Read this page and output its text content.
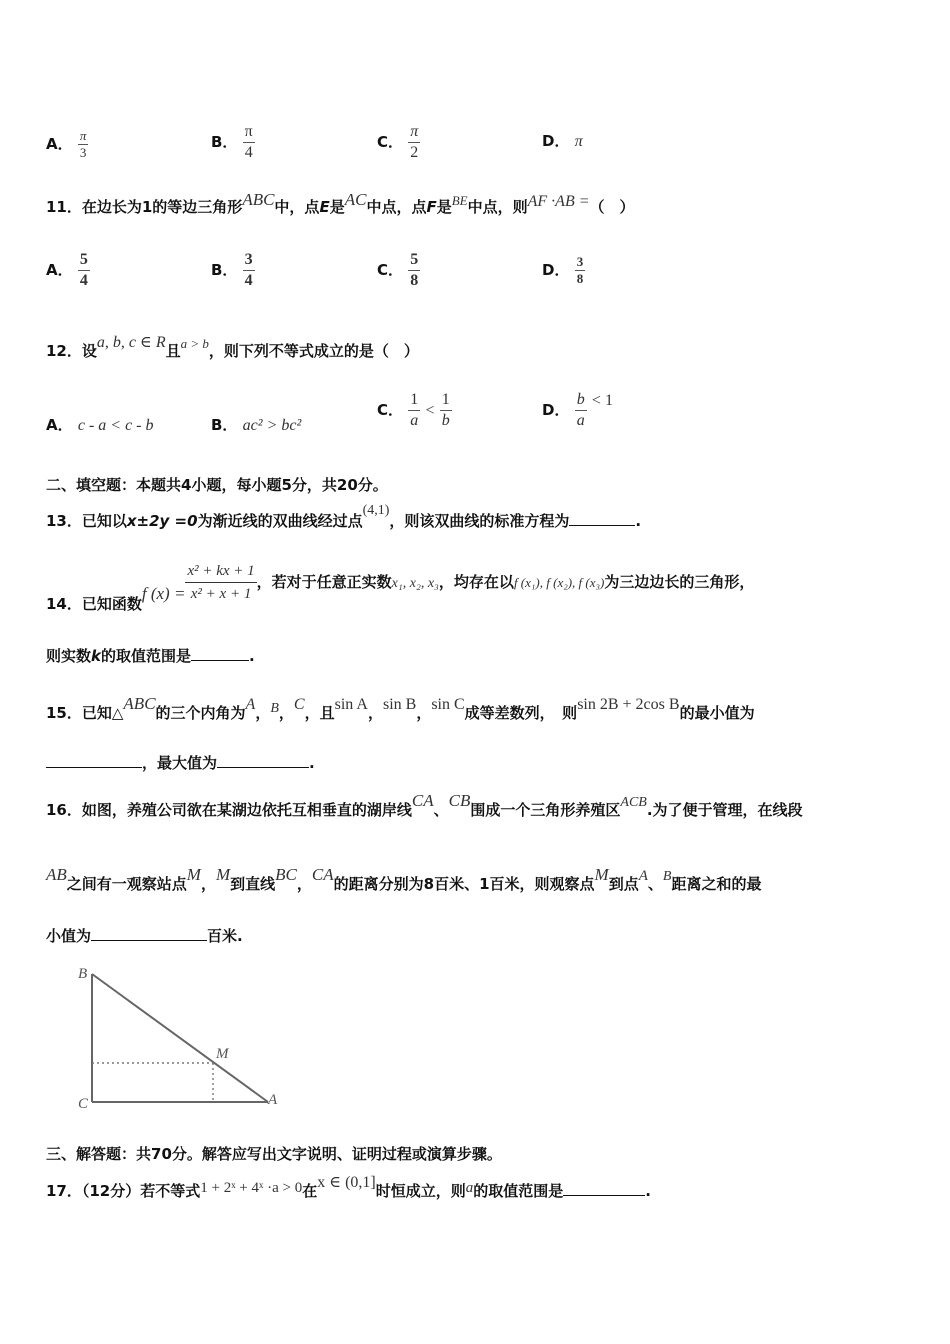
A． $\frac{\pi}{3}$	B． $\frac{\pi}{4}$	C． $\frac{\pi}{2}$	D． π
11．在边长为1的等边三角形ABC中，点E是AC中点，点F是BE中点，则AF ·AB =（　）
A． $\frac{5}{4}$	B． $\frac{3}{4}$	C． $\frac{5}{8}$	D． $\frac{3}{8}$
12．设a, b, c ∈ R且a > b，则下列不等式成立的是（　）
A． c - a < c - b	B． ac² > bc²
C． $\frac{1}{a} < \frac{1}{b}$	D． $\frac{b}{a} < 1$
二、填空题：本题共4小题，每小题5分，共20分。
13．已知以x±2y =0为渐近线的双曲线经过点(4,1)，则该双曲线的标准方程为	.
14．已知函数f $(x) = \frac{\text{x² + kx + 1}}{\text{x² + x + 1}}$ ，若对于任意正实数x₁, x₂, x₃，均存在以f (x₁), f (x₂), f (x₃)为三边边长的三角形，
则实数k的取值范围是	.
15．已知△ABC的三个内角为A，B，C，且sin A，sin B，sin C成等差数列，　则sin 2B + 2cos B的最小值为
，最大值为	.
16．如图，养殖公司欲在某湖边依托互相垂直的湖岸线CA、CB围成一个三角形养殖区ACB.为了便于管理，在线段
AB之间有一观察站点M，M到直线BC，CA的距离分别为8百米、1百米，则观察点M到点A、B距离之和的最
小值为	百米.
B
M
C	A
三、解答题：共70分。解答应写出文字说明、证明过程或演算步骤。
17．（12分）若不等式1 + 2ˣ + 4ˣ ·a > 0在x ∈ (0,1]时恒成立，则a的取值范围是	.
